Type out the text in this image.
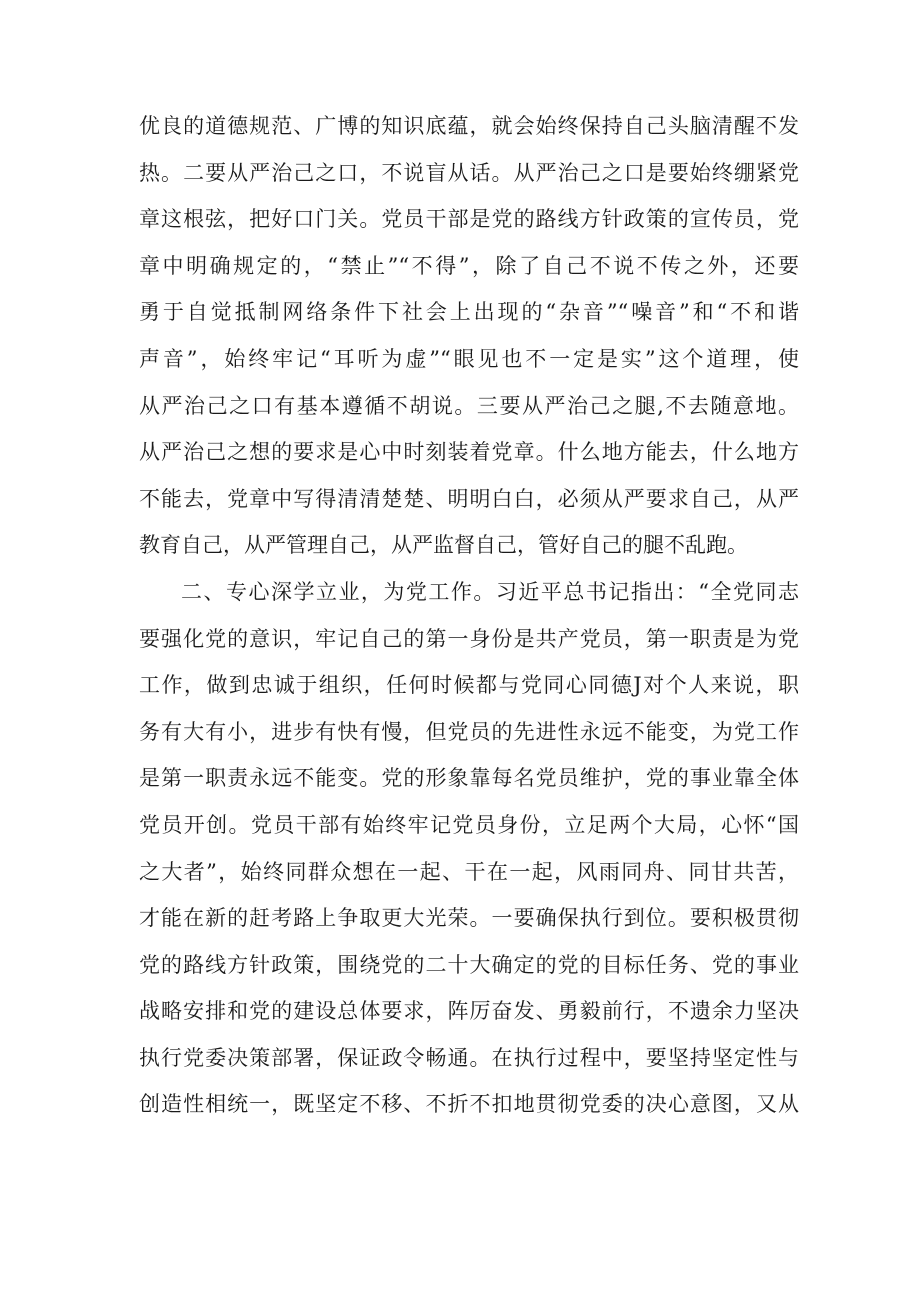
优良的道德规范、广博的知识底蕴，就会始终保持自己头脑清醒不发
热。二要从严治己之口，不说盲从话。从严治己之口是要始终绷紧党
章这根弦，把好口门关。党员干部是党的路线方针政策的宣传员，党
章中明确规定的，“禁止”“不得”，除了自己不说不传之外，还要
勇于自觉抵制网络条件下社会上出现的“杂音”“噪音”和“不和谐
声音”，始终牢记“耳听为虚”“眼见也不一定是实”这个道理，使
从严治己之口有基本遵循不胡说。三要从严治己之腿,不去随意地。
从严治己之想的要求是心中时刻装着党章。什么地方能去，什么地方
不能去，党章中写得清清楚楚、明明白白，必须从严要求自己，从严
教育自己，从严管理自己，从严监督自己，管好自己的腿不乱跑。
二、专心深学立业，为党工作。习近平总书记指出：“全党同志
要强化党的意识，牢记自己的第一身份是共产党员，第一职责是为党
工作，做到忠诚于组织，任何时候都与党同心同德J对个人来说，职
务有大有小，进步有快有慢，但党员的先进性永远不能变，为党工作
是第一职责永远不能变。党的形象靠每名党员维护，党的事业靠全体
党员开创。党员干部有始终牢记党员身份，立足两个大局，心怀“国
之大者”，始终同群众想在一起、干在一起，风雨同舟、同甘共苦，
才能在新的赶考路上争取更大光荣。一要确保执行到位。要积极贯彻
党的路线方针政策，围绕党的二十大确定的党的目标任务、党的事业
战略安排和党的建设总体要求，阵厉奋发、勇毅前行，不遗余力坚决
执行党委决策部署，保证政令畅通。在执行过程中，要坚持坚定性与
创造性相统一，既坚定不移、不折不扣地贯彻党委的决心意图，又从
